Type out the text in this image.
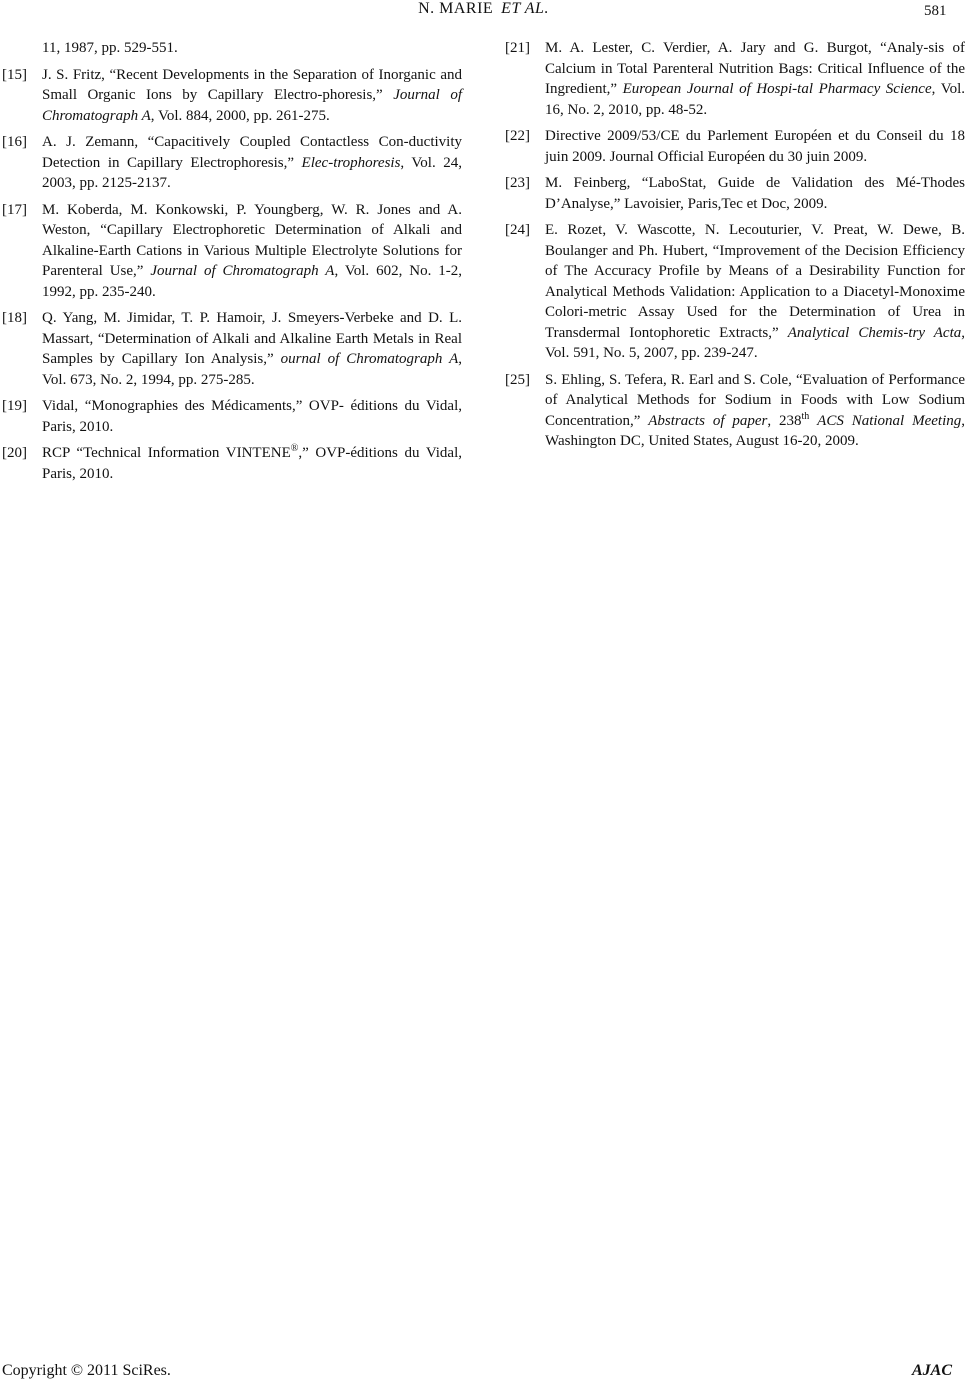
N. MARIE ET AL.	581
11, 1987, pp. 529-551.
[15]	J. S. Fritz, “Recent Developments in the Separation of Inorganic and Small Organic Ions by Capillary Electro-phoresis,” Journal of Chromatograph A, Vol. 884, 2000, pp. 261-275.
[16]	A. J. Zemann, “Capacitively Coupled Contactless Con-ductivity Detection in Capillary Electrophoresis,” Elec-trophoresis, Vol. 24, 2003, pp. 2125-2137.
[17]	M. Koberda, M. Konkowski, P. Youngberg, W. R. Jones and A. Weston, “Capillary Electrophoretic Determination of Alkali and Alkaline-Earth Cations in Various Multiple Electrolyte Solutions for Parenteral Use,” Journal of Chromatograph A, Vol. 602, No. 1-2, 1992, pp. 235-240.
[18]	Q. Yang, M. Jimidar, T. P. Hamoir, J. Smeyers-Verbeke and D. L. Massart, “Determination of Alkali and Alkaline Earth Metals in Real Samples by Capillary Ion Analysis,” ournal of Chromatograph A, Vol. 673, No. 2, 1994, pp. 275-285.
[19]	Vidal, “Monographies des Médicaments,” OVP- éditions du Vidal, Paris, 2010.
[20]	RCP “Technical Information VINTENE®,” OVP-éditions du Vidal, Paris, 2010.
[21]	M. A. Lester, C. Verdier, A. Jary and G. Burgot, “Analy-sis of Calcium in Total Parenteral Nutrition Bags: Critical Influence of the Ingredient,” European Journal of Hospi-tal Pharmacy Science, Vol. 16, No. 2, 2010, pp. 48-52.
[22]	Directive 2009/53/CE du Parlement Européen et du Conseil du 18 juin 2009. Journal Official Européen du 30 juin 2009.
[23]	M. Feinberg, “LaboStat, Guide de Validation des Mé-Thodes D’Analyse,” Lavoisier, Paris,Tec et Doc, 2009.
[24]	E. Rozet, V. Wascotte, N. Lecouturier, V. Preat, W. Dewe, B. Boulanger and Ph. Hubert, “Improvement of the Decision Efficiency of The Accuracy Profile by Means of a Desirability Function for Analytical Methods Validation: Application to a Diacetyl-Monoxime Colori-metric Assay Used for the Determination of Urea in Transdermal Iontophoretic Extracts,” Analytical Chemis-try Acta, Vol. 591, No. 5, 2007, pp. 239-247.
[25]	S. Ehling, S. Tefera, R. Earl and S. Cole, “Evaluation of Performance of Analytical Methods for Sodium in Foods with Low Sodium Concentration,” Abstracts of paper, 238th ACS National Meeting, Washington DC, United States, August 16-20, 2009.
Copyright © 2011 SciRes.	AJAC
